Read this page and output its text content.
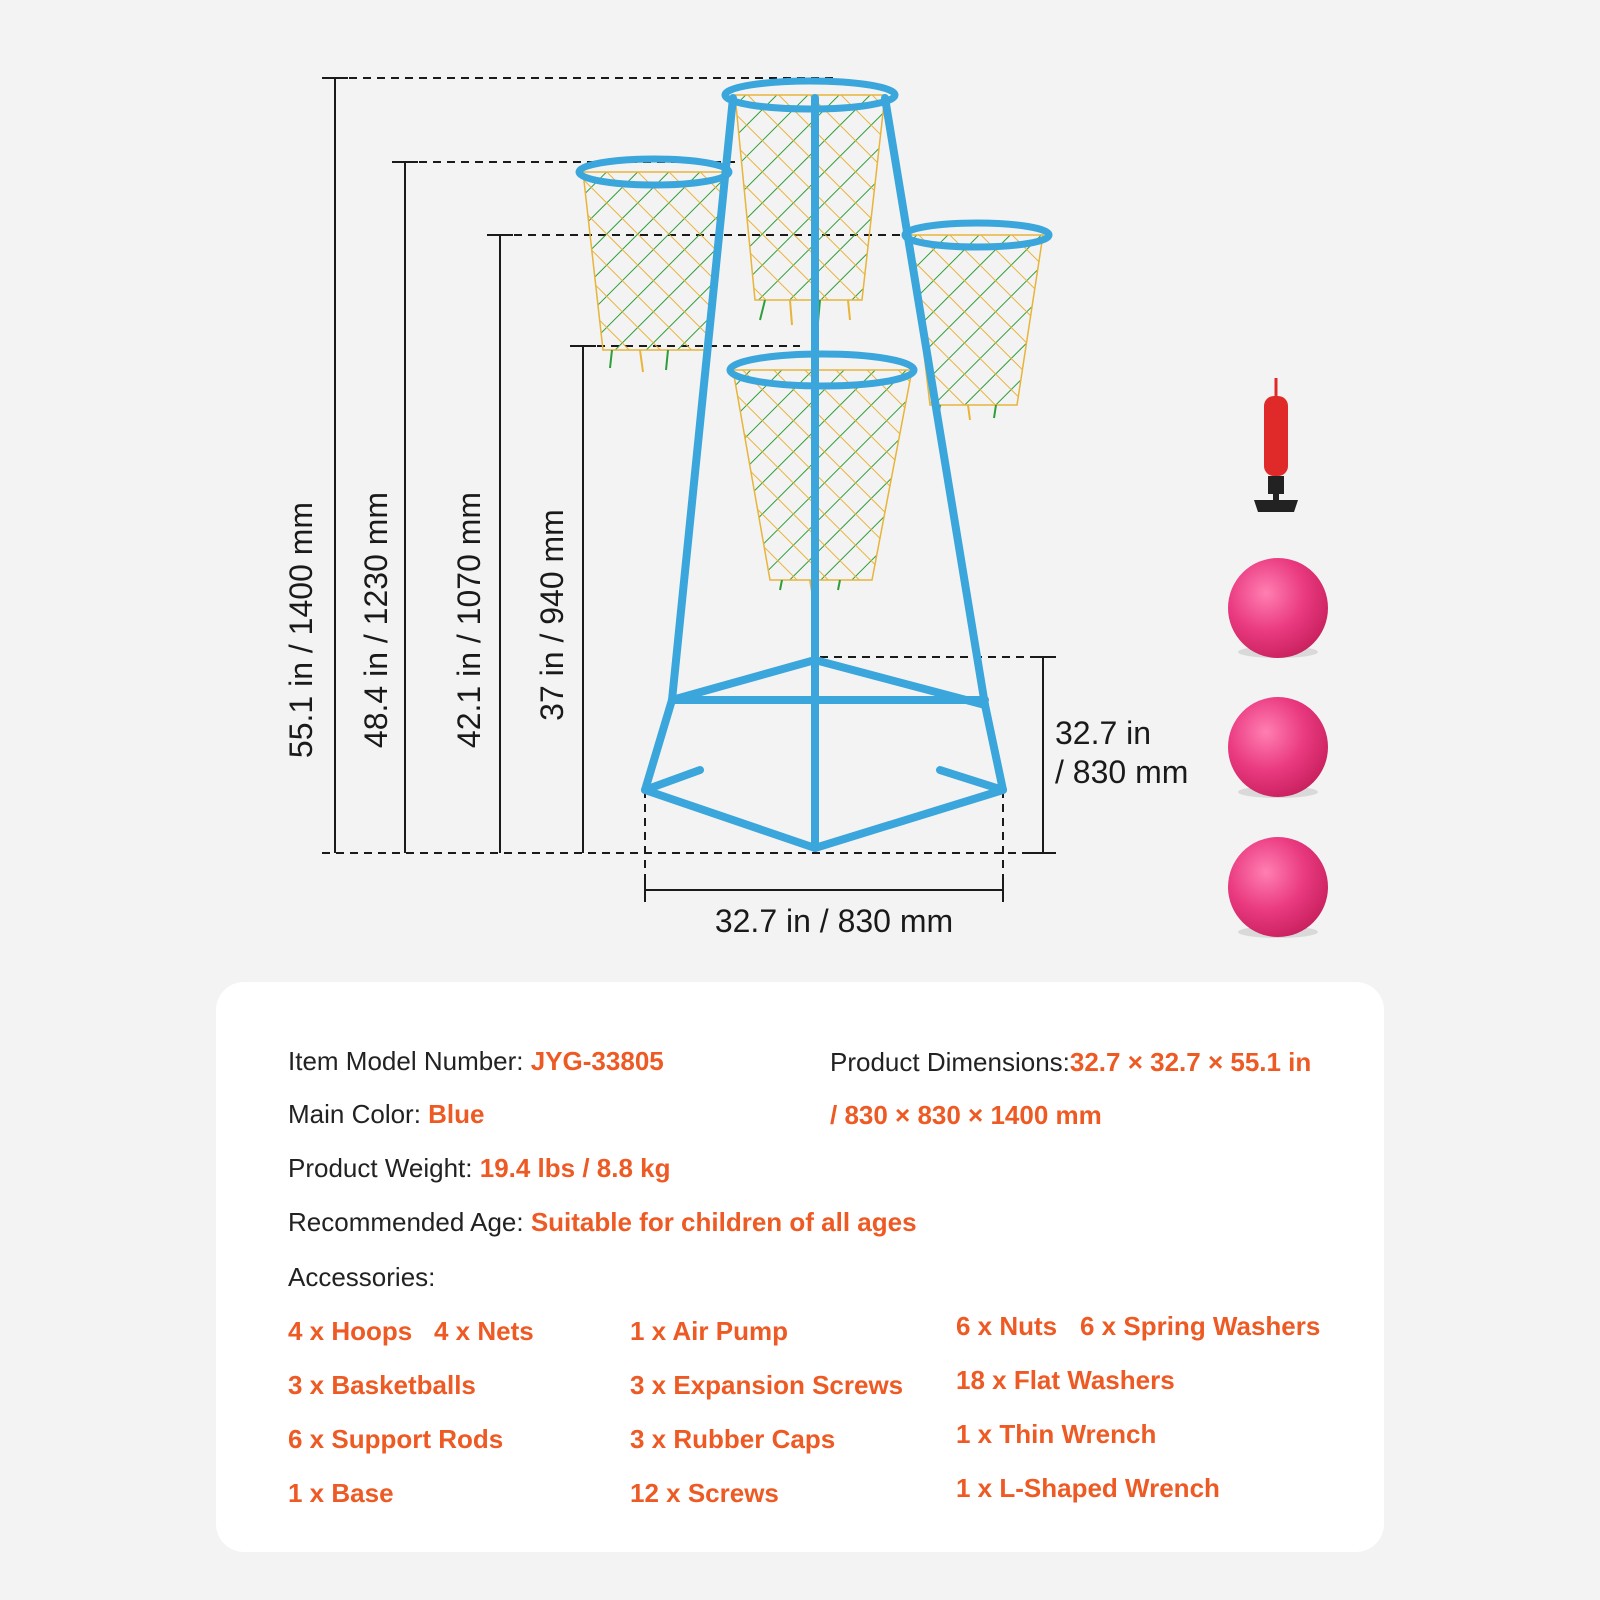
55.1 in / 1400 mm 48.4 in / 1230 mm 42.1 in / 1070 mm 37 in / 940 mm
32.7 in
/ 830 mm
32.7 in / 830 mm
Item Model Number: JYG-33805
Main Color: Blue
Product Weight: 19.4 lbs / 8.8 kg
Recommended Age: Suitable for children of all ages
Product Dimensions:32.7 × 32.7 × 55.1 in
/ 830 × 830 × 1400 mm
Accessories:
4 x Hoops 4 x Nets
3 x Basketballs
6 x Support Rods
1 x Base
1 x Air Pump
3 x Expansion Screws
3 x Rubber Caps
12 x Screws
6 x Nuts 6 x Spring Washers
18 x Flat Washers
1 x Thin Wrench
1 x L-Shaped Wrench
